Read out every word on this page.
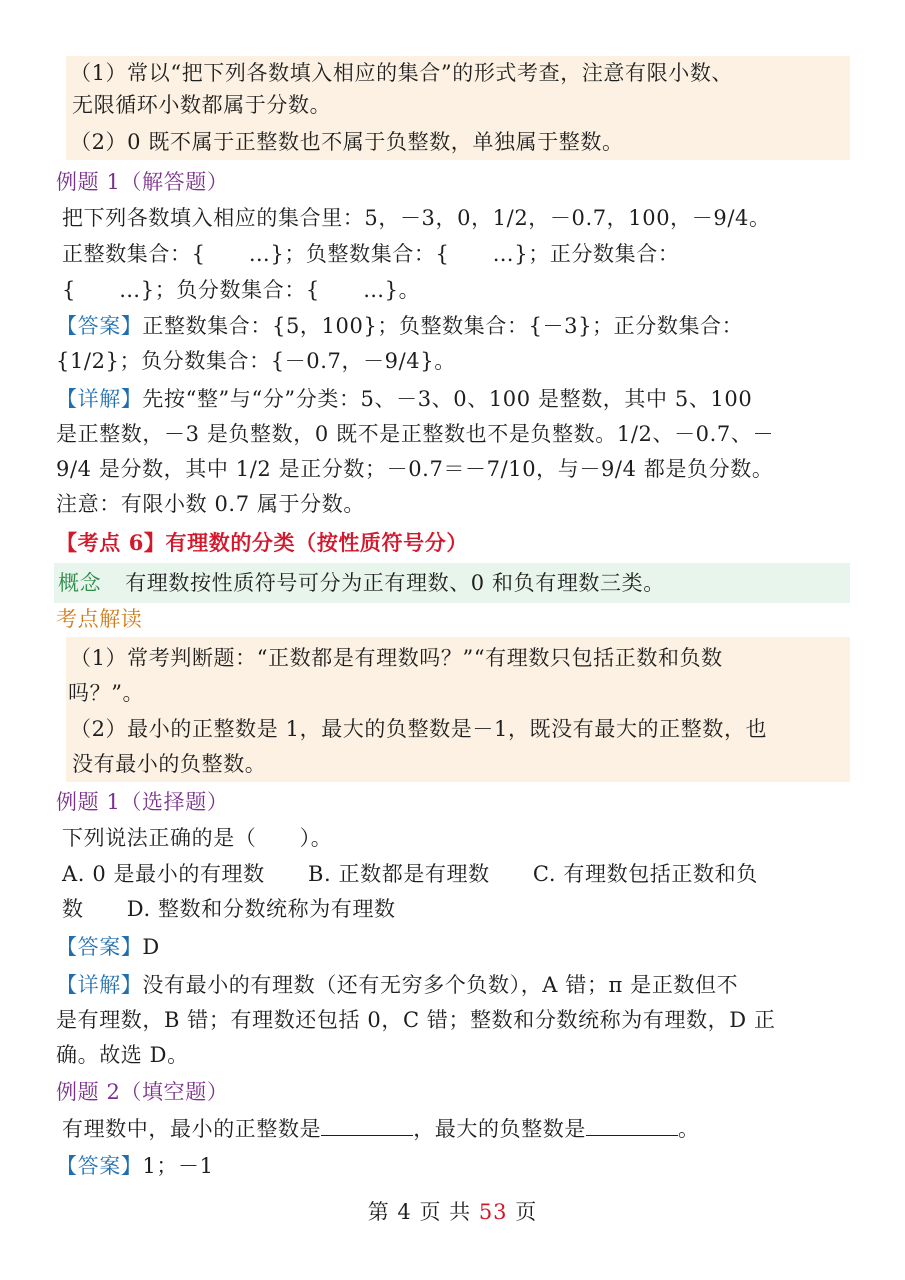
（1）常以“把下列各数填入相应的集合”的形式考查，注意有限小数、
无限循环小数都属于分数。
（2）0 既不属于正整数也不属于负整数，单独属于整数。
例题 1（解答题）
把下列各数填入相应的集合里：5，－3，0，1/2，－0.7，100，－9/4。
正整数集合：{　　…}；负整数集合：{　　…}；正分数集合：
{　　…}；负分数集合：{　　…}。
【答案】正整数集合：{5，100}；负整数集合：{－3}；正分数集合：
{1/2}；负分数集合：{－0.7，－9/4}。
【详解】先按“整”与“分”分类：5、－3、0、100 是整数，其中 5、100
是正整数，－3 是负整数，0 既不是正整数也不是负整数。1/2、－0.7、－
9/4 是分数，其中 1/2 是正分数；－0.7＝－7/10，与－9/4 都是负分数。
注意：有限小数 0.7 属于分数。
【考点 6】有理数的分类（按性质符号分）
概念 有理数按性质符号可分为正有理数、0 和负有理数三类。
考点解读
（1）常考判断题：“正数都是有理数吗？”“有理数只包括正数和负数
吗？”。
（2）最小的正整数是 1，最大的负整数是－1，既没有最大的正整数，也
没有最小的负整数。
例题 1（选择题）
下列说法正确的是（　　）。
A. 0 是最小的有理数　　B. 正数都是有理数　　C. 有理数包括正数和负
数　　D. 整数和分数统称为有理数
【答案】D
【详解】没有最小的有理数（还有无穷多个负数），A 错；π 是正数但不
是有理数，B 错；有理数还包括 0，C 错；整数和分数统称为有理数，D 正
确。故选 D。
例题 2（填空题）
有理数中，最小的正整数是	，最大的负整数是	。
【答案】1；－1
第 4 页 共 53 页
